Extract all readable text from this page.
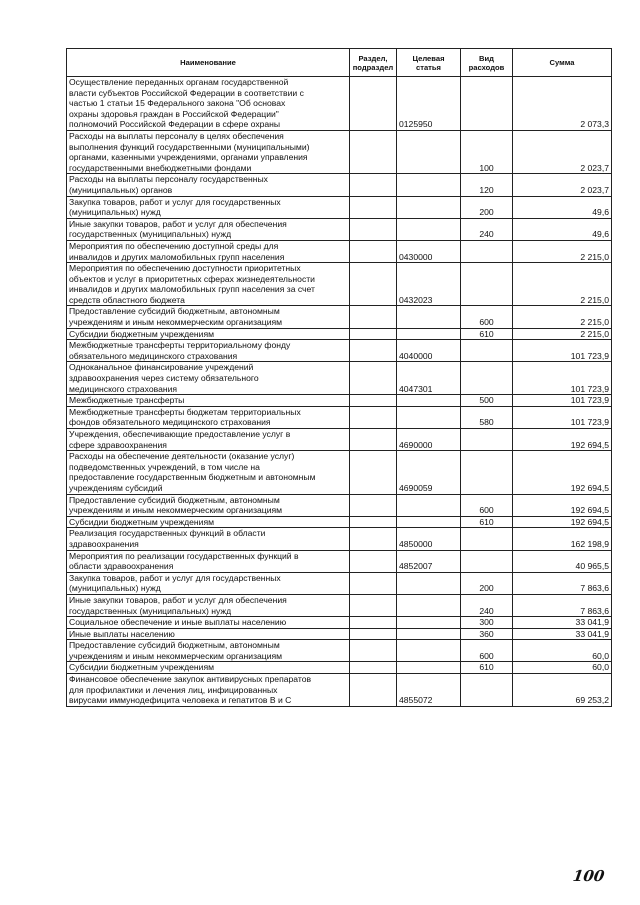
Наименование	Раздел, подраздел	Целевая статья	Вид расходов	Сумма
Осуществление переданных органам государственной
власти субъектов Российской Федерации в соответствии с
частью 1 статьи 15 Федерального закона "Об основах
охраны здоровья граждан в Российской Федерации"
полномочий Российской Федерации в сфере охраны		0125950		2 073,3
Расходы на выплаты персоналу в целях обеспечения
выполнения функций государственными (муниципальными)
органами, казенными учреждениями, органами управления
государственными внебюджетными фондами			100	2 023,7
Расходы на выплаты персоналу государственных
(муниципальных) органов			120	2 023,7
Закупка товаров, работ и услуг для государственных
(муниципальных) нужд			200	49,6
Иные закупки товаров, работ и услуг для обеспечения
государственных (муниципальных) нужд			240	49,6
Мероприятия по обеспечению доступной среды для
инвалидов и других маломобильных групп населения		0430000		2 215,0
Мероприятия по обеспечению доступности приоритетных
объектов и услуг в приоритетных сферах жизнедеятельности
инвалидов и других маломобильных групп населения за счет
средств областного бюджета		0432023		2 215,0
Предоставление субсидий бюджетным, автономным
учреждениям и иным некоммерческим организациям			600	2 215,0
Субсидии бюджетным учреждениям			610	2 215,0
Межбюджетные трансферты территориальному фонду
обязательного медицинского страхования		4040000		101 723,9
Одноканальное финансирование учреждений
здравоохранения через систему обязательного
медицинского страхования		4047301		101 723,9
Межбюджетные трансферты			500	101 723,9
Межбюджетные трансферты бюджетам территориальных
фондов обязательного медицинского страхования			580	101 723,9
Учреждения, обеспечивающие предоставление услуг в
сфере здравоохранения		4690000		192 694,5
Расходы на обеспечение деятельности (оказание услуг)
подведомственных учреждений, в том числе на
предоставление государственным бюджетным и автономным
учреждениям субсидий		4690059		192 694,5
Предоставление субсидий бюджетным, автономным
учреждениям и иным некоммерческим организациям			600	192 694,5
Субсидии бюджетным учреждениям			610	192 694,5
Реализация государственных функций в области
здравоохранения		4850000		162 198,9
Мероприятия по реализации государственных функций в
области здравоохранения		4852007		40 965,5
Закупка товаров, работ и услуг для государственных
(муниципальных) нужд			200	7 863,6
Иные закупки товаров, работ и услуг для обеспечения
государственных (муниципальных) нужд			240	7 863,6
Социальное обеспечение и иные выплаты населению			300	33 041,9
Иные выплаты населению			360	33 041,9
Предоставление субсидий бюджетным, автономным
учреждениям и иным некоммерческим организациям			600	60,0
Субсидии бюджетным учреждениям			610	60,0
Финансовое обеспечение закупок антивирусных препаратов
для профилактики и лечения лиц, инфицированных
вирусами иммунодефицита человека и гепатитов В и С		4855072		69 253,2
100
